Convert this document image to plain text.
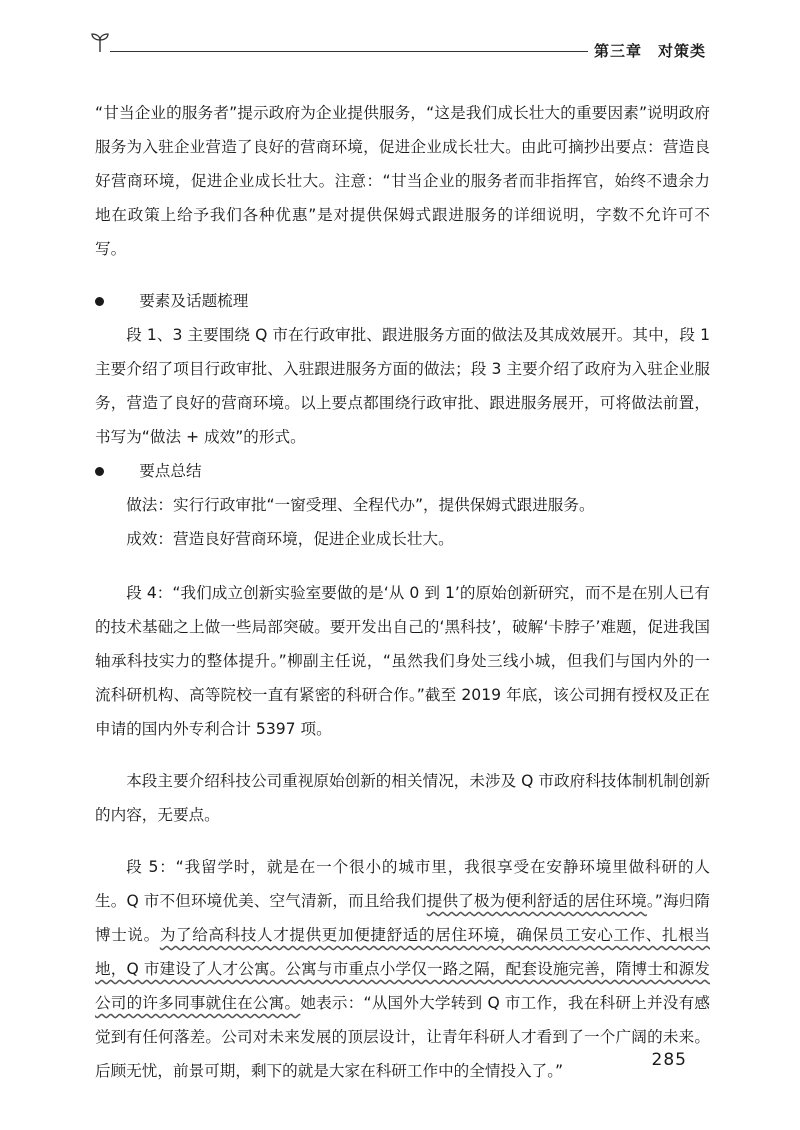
第三章　对策类

“甘当企业的服务者”提示政府为企业提供服务，“这是我们成长壮大的重要因素”说明政府服务为入驻企业营造了良好的营商环境，促进企业成长壮大。由此可摘抄出要点：营造良好营商环境，促进企业成长壮大。注意：“甘当企业的服务者而非指挥官，始终不遗余力地在政策上给予我们各种优惠”是对提供保姆式跟进服务的详细说明，字数不允许可不写。

要素及话题梳理

段 1、3 主要围绕 Q 市在行政审批、跟进服务方面的做法及其成效展开。其中，段 1 主要介绍了项目行政审批、入驻跟进服务方面的做法；段 3 主要介绍了政府为入驻企业服务，营造了良好的营商环境。以上要点都围绕行政审批、跟进服务展开，可将做法前置，书写为“做法 + 成效”的形式。

要点总结

做法：实行行政审批“一窗受理、全程代办”，提供保姆式跟进服务。

成效：营造良好营商环境，促进企业成长壮大。

段 4：“我们成立创新实验室要做的是‘从 0 到 1’的原始创新研究，而不是在别人已有的技术基础之上做一些局部突破。要开发出自己的‘黑科技’，破解‘卡脖子’难题，促进我国轴承科技实力的整体提升。”柳副主任说，“虽然我们身处三线小城，但我们与国内外的一流科研机构、高等院校一直有紧密的科研合作。”截至 2019 年底，该公司拥有授权及正在申请的国内外专利合计 5397 项。

本段主要介绍科技公司重视原始创新的相关情况，未涉及 Q 市政府科技体制机制创新的内容，无要点。

段 5：“我留学时，就是在一个很小的城市里，我很享受在安静环境里做科研的人生。Q 市不但环境优美、空气清新，而且给我们提供了极为便利舒适的居住环境。”海归隋博士说。为了给高科技人才提供更加便捷舒适的居住环境，确保员工安心工作、扎根当地，Q 市建设了人才公寓。公寓与市重点小学仅一路之隔，配套设施完善，隋博士和源发公司的许多同事就住在公寓。她表示：“从国外大学转到 Q 市工作，我在科研上并没有感觉到有任何落差。公司对未来发展的顶层设计，让青年科研人才看到了一个广阔的未来。后顾无忧，前景可期，剩下的就是大家在科研工作中的全情投入了。”

285
